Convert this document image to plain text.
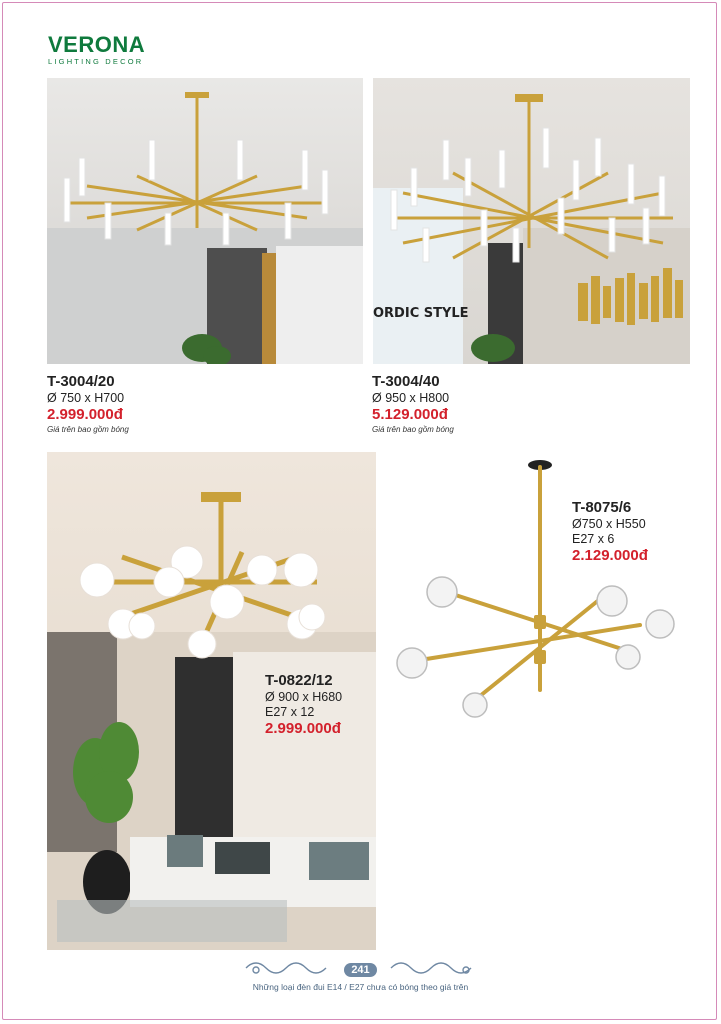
VERONA
LIGHTING DECOR
T-3004/20
Ø 750 x H700
2.999.000đ
Giá trên bao gồm bóng
ORDIC STYLE
T-3004/40
Ø 950 x H800
5.129.000đ
Giá trên bao gồm bóng
T-0822/12
Ø 900 x H680
E27 x 12
2.999.000đ
T-8075/6
Ø750 x H550
E27 x 6
2.129.000đ
241
Những loại đèn đui E14 / E27 chưa có bóng theo giá trên
